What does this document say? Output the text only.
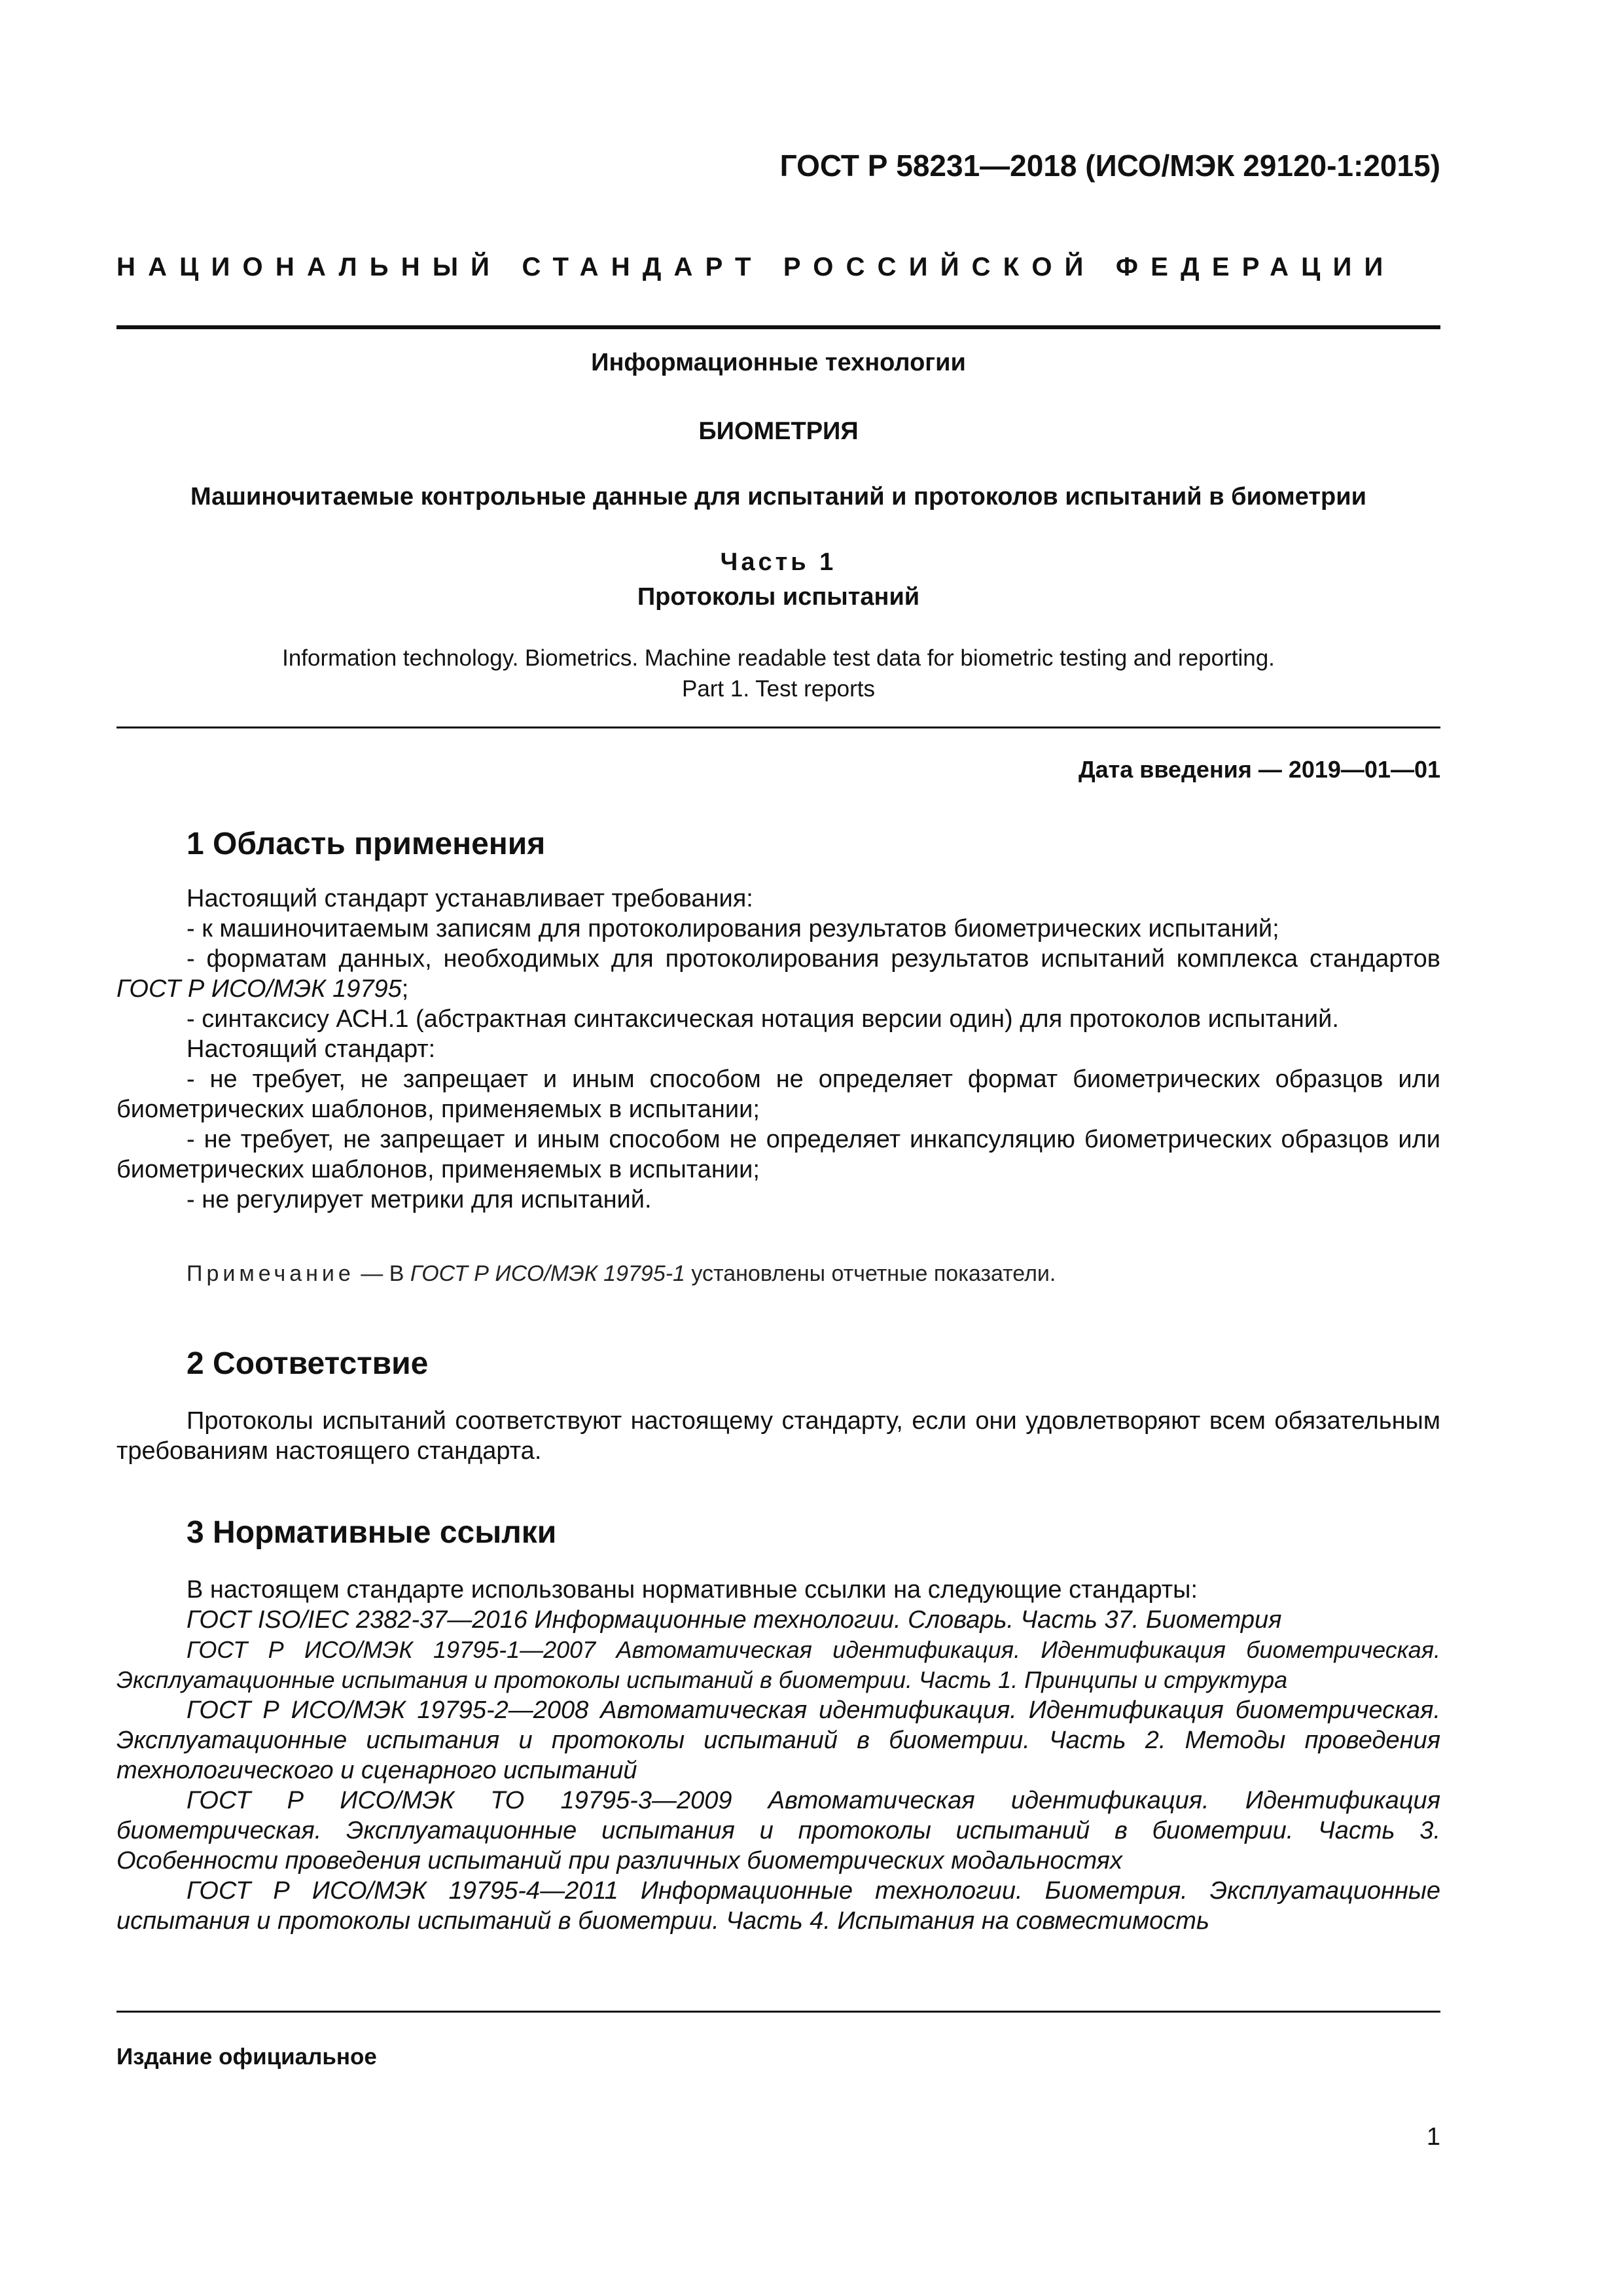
ГОСТ Р 58231—2018 (ИСО/МЭК 29120-1:2015)
НАЦИОНАЛЬНЫЙ СТАНДАРТ РОССИЙСКОЙ ФЕДЕРАЦИИ
Информационные технологии
БИОМЕТРИЯ
Машиночитаемые контрольные данные для испытаний и протоколов испытаний в биометрии
Часть 1
Протоколы испытаний
Information technology. Biometrics. Machine readable test data for biometric testing and reporting.
Part 1. Test reports
Дата введения — 2019—01—01
1 Область применения

Настоящий стандарт устанавливает требования:

- к машиночитаемым записям для протоколирования результатов биометрических испытаний;

- форматам данных, необходимых для протоколирования результатов испытаний комплекса стандартов ГОСТ Р ИСО/МЭК 19795;

- синтаксису АСН.1 (абстрактная синтаксическая нотация версии один) для протоколов испытаний.

Настоящий стандарт:

- не требует, не запрещает и иным способом не определяет формат биометрических образцов или биометрических шаблонов, применяемых в испытании;

- не требует, не запрещает и иным способом не определяет инкапсуляцию биометрических образцов или биометрических шаблонов, применяемых в испытании;

- не регулирует метрики для испытаний.

Примечание — В ГОСТ Р ИСО/МЭК 19795-1 установлены отчетные показатели.
2 Соответствие

Протоколы испытаний соответствуют настоящему стандарту, если они удовлетворяют всем обязательным требованиям настоящего стандарта.

3 Нормативные ссылки

В настоящем стандарте использованы нормативные ссылки на следующие стандарты:

ГОСТ ISO/IEC 2382-37—2016 Информационные технологии. Словарь. Часть 37. Биометрия

ГОСТ Р ИСО/МЭК 19795-1—2007 Автоматическая идентификация. Идентификация биометрическая. Эксплуатационные испытания и протоколы испытаний в биометрии. Часть 1. Принципы и структура

ГОСТ Р ИСО/МЭК 19795-2—2008 Автоматическая идентификация. Идентификация биометрическая. Эксплуатационные испытания и протоколы испытаний в биометрии. Часть 2. Методы проведения технологического и сценарного испытаний

ГОСТ Р ИСО/МЭК ТО 19795-3—2009 Автоматическая идентификация. Идентификация биометрическая. Эксплуатационные испытания и протоколы испытаний в биометрии. Часть 3. Особенности проведения испытаний при различных биометрических модальностях

ГОСТ Р ИСО/МЭК 19795-4—2011 Информационные технологии. Биометрия. Эксплуатационные испытания и протоколы испытаний в биометрии. Часть 4. Испытания на совместимость

Издание официальное
1
